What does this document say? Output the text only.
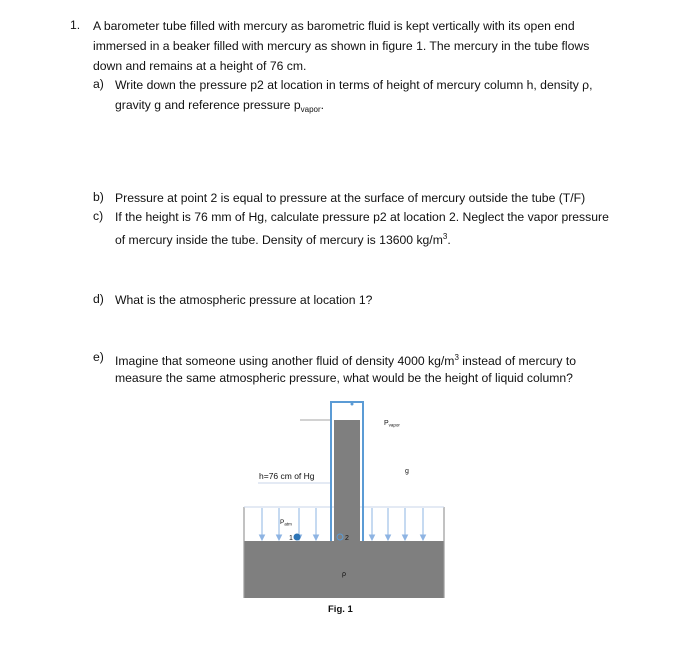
1. A barometer tube filled with mercury as barometric fluid is kept vertically with its open end
immersed in a beaker filled with mercury as shown in figure 1. The mercury in the tube flows
down and remains at a height of 76 cm.
a) Write down the pressure p2 at location in terms of height of mercury column h, density ρ,
gravity g and reference pressure $p_{vapor}$.
b) Pressure at point 2 is equal to pressure at the surface of mercury outside the tube (T/F)
c) If the height is 76 mm of Hg, calculate pressure p2 at location 2. Neglect the vapor pressure
of mercury inside the tube. Density of mercury is 13600 $kg/m^3$.
d) What is the atmospheric pressure at location 1?
e) Imagine that someone using another fluid of density 4000 $kg/m^3$ instead of mercury to
measure the same atmospheric pressure, what would be the height of liquid column?
h=76 cm of Hg
$P_{vapor}$
g
$P_{atm}$
1	2
ρ
Fig. 1
